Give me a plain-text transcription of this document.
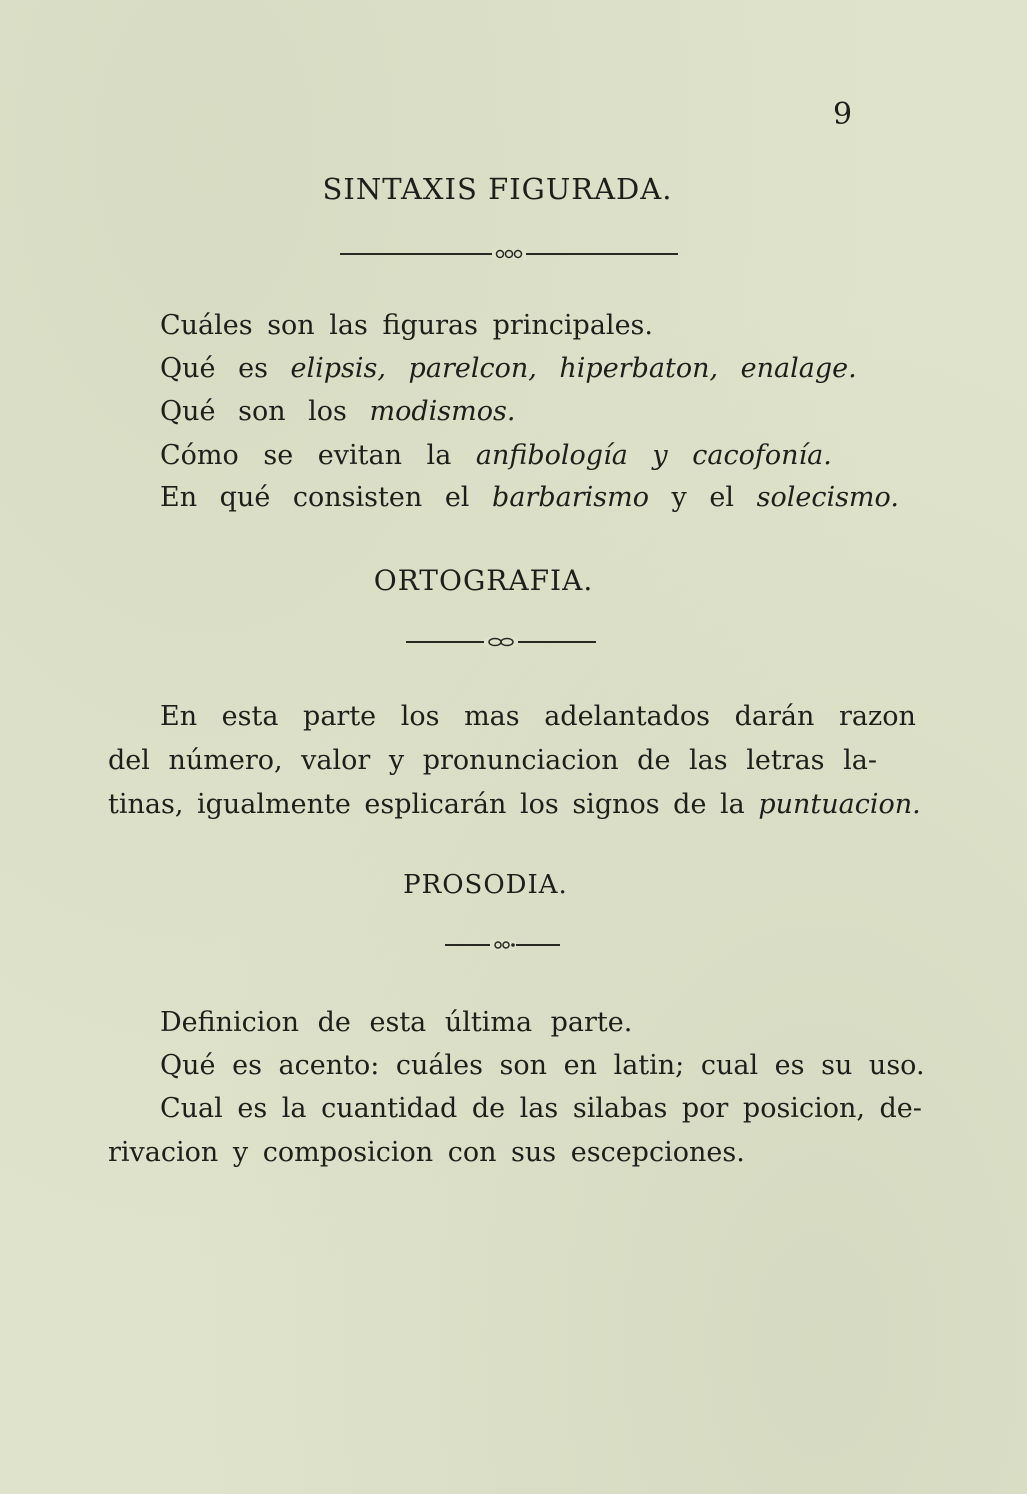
9
SINTAXIS FIGURADA.
Cuáles son las figuras principales.
Qué es elipsis, parelcon, hiperbaton, enalage.
Qué son los modismos.
Cómo se evitan la anfibología y cacofonía.
En qué consisten el barbarismo y el solecismo.
ORTOGRAFIA.
En esta parte los mas adelantados darán razon
del número, valor y pronunciacion de las letras la-
tinas, igualmente esplicarán los signos de la puntuacion.
PROSODIA.
Definicion de esta última parte.
Qué es acento: cuáles son en latin; cual es su uso.
Cual es la cuantidad de las silabas por posicion, de-
rivacion y composicion con sus escepciones.
